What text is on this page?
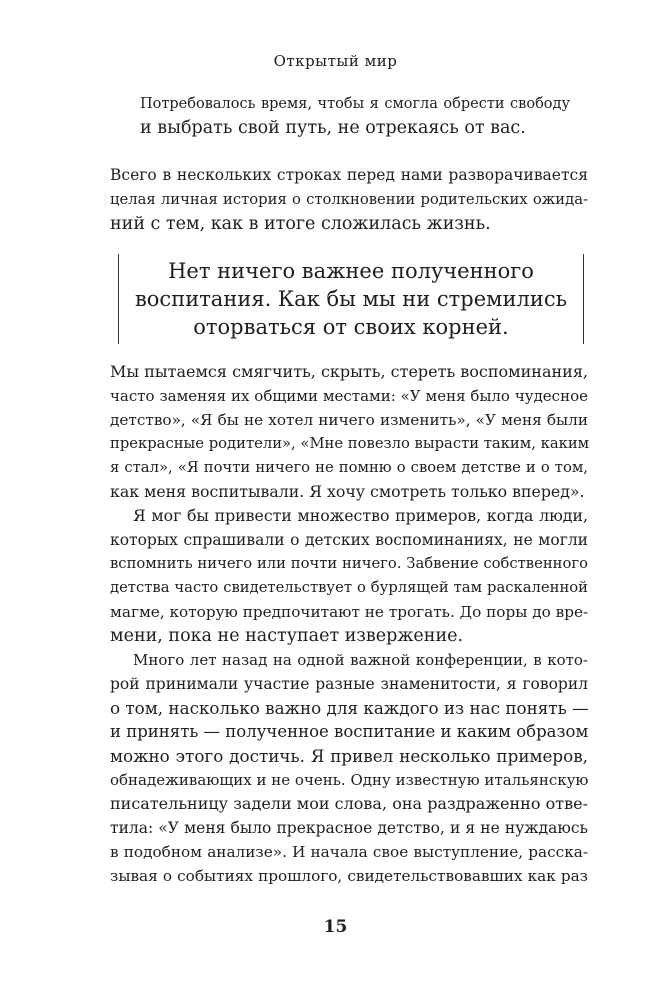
Открытый мир
Потребовалось время, чтобы я смогла обрести свободу
и выбрать свой путь, не отрекаясь от вас.
Всего в нескольких строках перед нами разворачивается
целая личная история о столкновении родительских ожида-
ний с тем, как в итоге сложилась жизнь.
Нет ничего важнее полученного
воспитания. Как бы мы ни стремились
оторваться от своих корней.
Мы пытаемся смягчить, скрыть, стереть воспоминания,
часто заменяя их общими местами: «У меня было чудесное
детство», «Я бы не хотел ничего изменить», «У меня были
прекрасные родители», «Мне повезло вырасти таким, каким
я стал», «Я почти ничего не помню о своем детстве и о том,
как меня воспитывали. Я хочу смотреть только вперед».
Я мог бы привести множество примеров, когда люди,
которых спрашивали о детских воспоминаниях, не могли
вспомнить ничего или почти ничего. Забвение собственного
детства часто свидетельствует о бурлящей там раскаленной
магме, которую предпочитают не трогать. До поры до вре-
мени, пока не наступает извержение.
Много лет назад на одной важной конференции, в кото-
рой принимали участие разные знаменитости, я говорил
о том, насколько важно для каждого из нас понять —
и принять — полученное воспитание и каким образом
можно этого достичь. Я привел несколько примеров,
обнадеживающих и не очень. Одну известную итальянскую
писательницу задели мои слова, она раздраженно отве-
тила: «У меня было прекрасное детство, и я не нуждаюсь
в подобном анализе». И начала свое выступление, расска-
зывая о событиях прошлого, свидетельствовавших как раз
15
